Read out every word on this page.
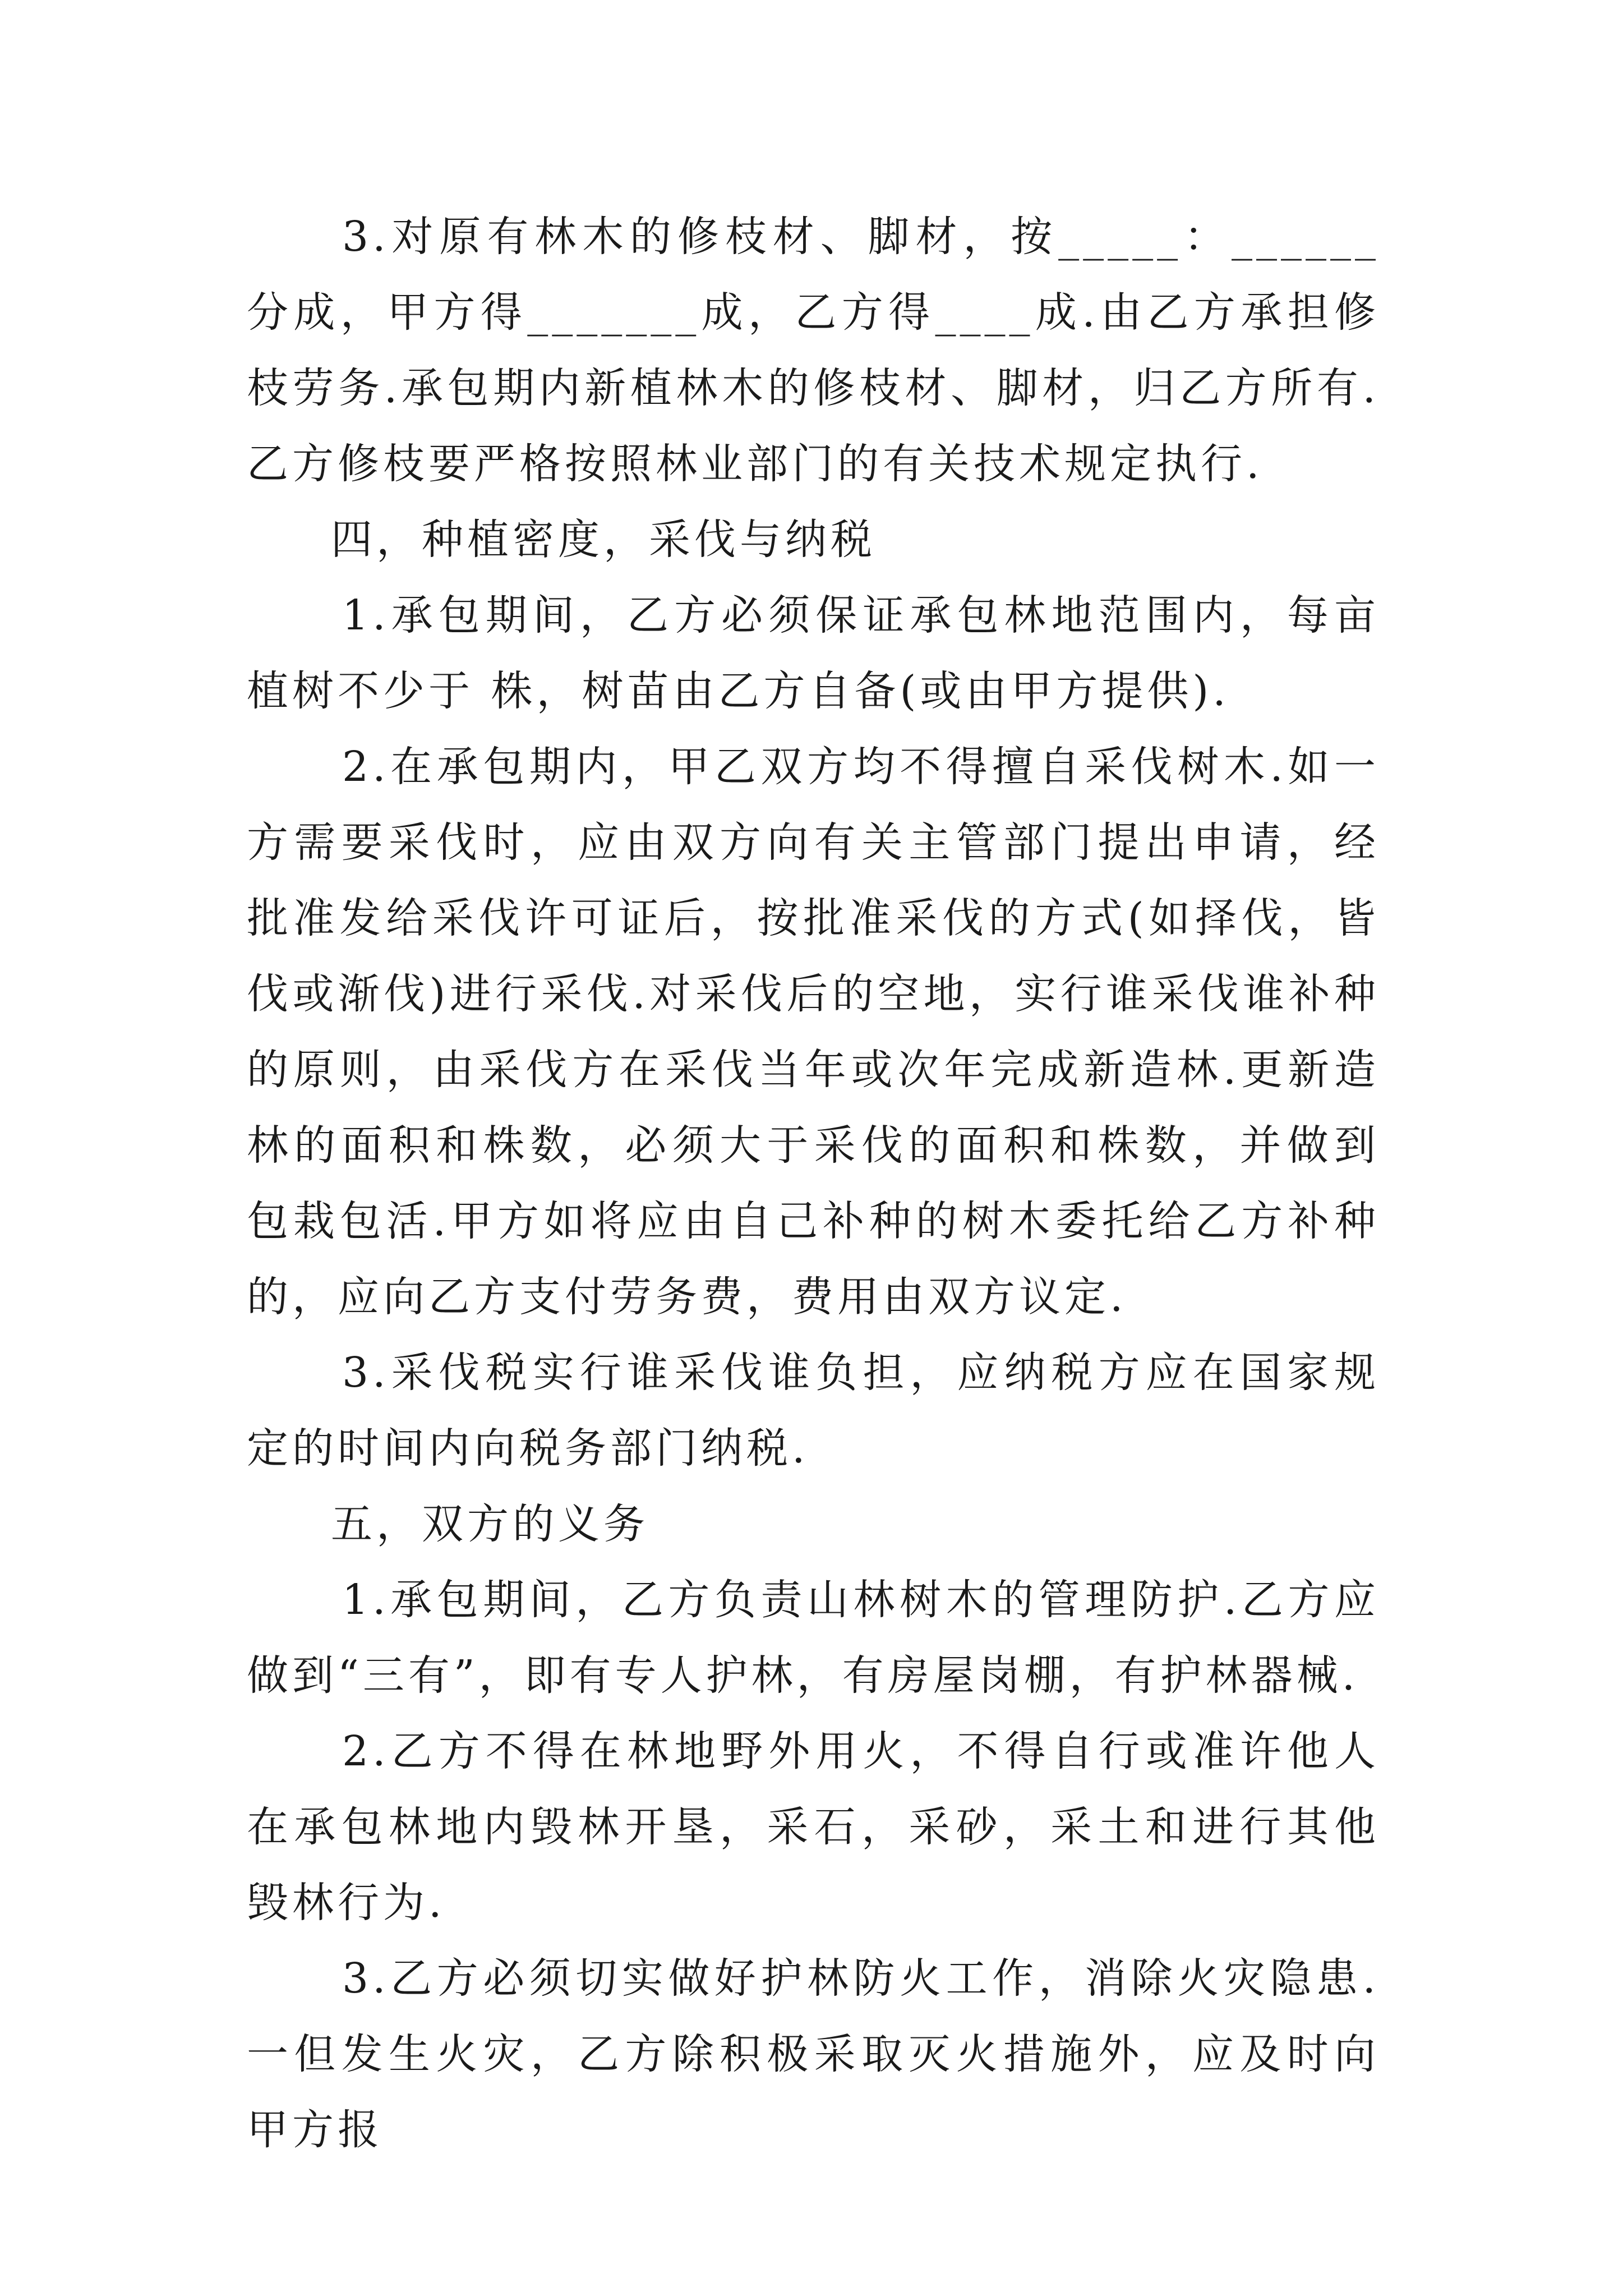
3.对原有林木的修枝材、脚材，按_____：______分成，甲方得_______成，乙方得____成.由乙方承担修枝劳务.承包期内新植林木的修枝材、脚材，归乙方所有.乙方修枝要严格按照林业部门的有关技术规定执行.

四，种植密度，采伐与纳税

1.承包期间，乙方必须保证承包林地范围内，每亩植树不少于 株，树苗由乙方自备(或由甲方提供).

2.在承包期内，甲乙双方均不得擅自采伐树木.如一方需要采伐时，应由双方向有关主管部门提出申请，经批准发给采伐许可证后，按批准采伐的方式(如择伐，皆伐或渐伐)进行采伐.对采伐后的空地，实行谁采伐谁补种的原则，由采伐方在采伐当年或次年完成新造林.更新造林的面积和株数，必须大于采伐的面积和株数，并做到包栽包活.甲方如将应由自己补种的树木委托给乙方补种的，应向乙方支付劳务费，费用由双方议定.

3.采伐税实行谁采伐谁负担，应纳税方应在国家规定的时间内向税务部门纳税.

五，双方的义务

1.承包期间，乙方负责山林树木的管理防护.乙方应做到“三有”，即有专人护林，有房屋岗棚，有护林器械.

2.乙方不得在林地野外用火，不得自行或准许他人在承包林地内毁林开垦，采石，采砂，采土和进行其他毁林行为.

3.乙方必须切实做好护林防火工作，消除火灾隐患.一但发生火灾，乙方除积极采取灭火措施外，应及时向甲方报
